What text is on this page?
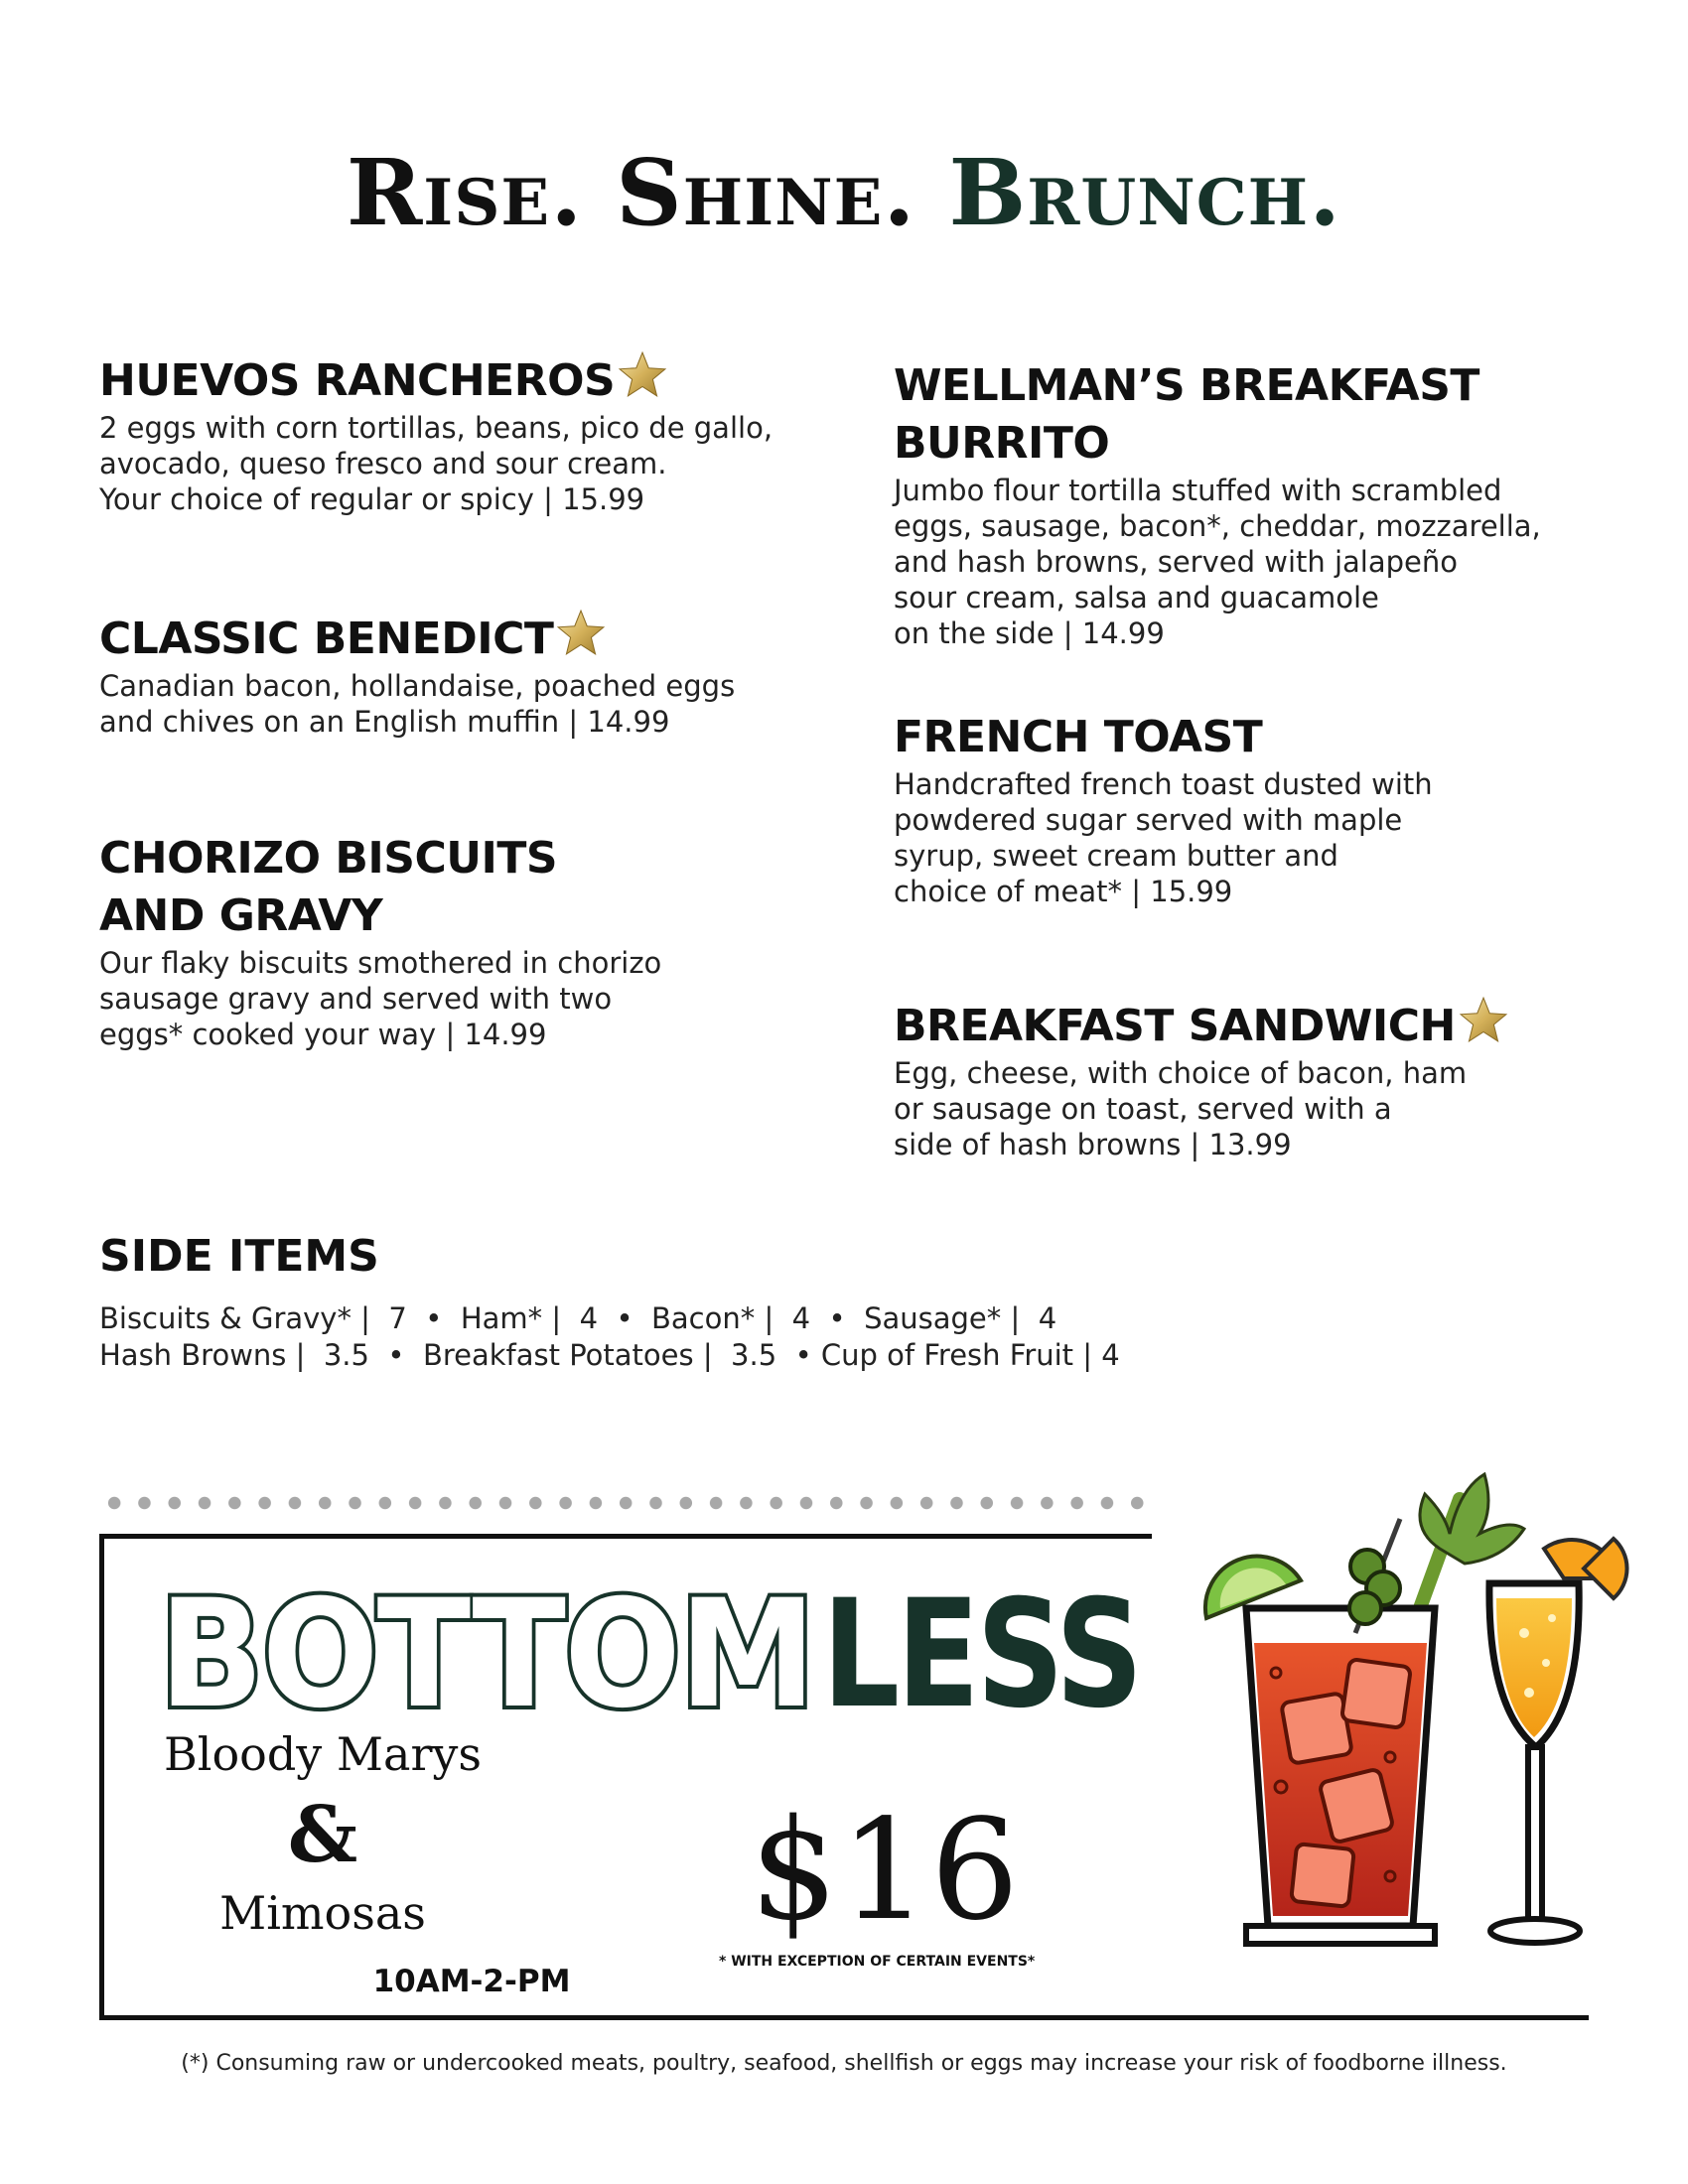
Rise. Shine. Brunch.
HUEVOS RANCHEROS

2 eggs with corn tortillas, beans, pico de gallo,
avocado, queso fresco and sour cream.
Your choice of regular or spicy | 15.99

CLASSIC BENEDICT

Canadian bacon, hollandaise, poached eggs
and chives on an English muffin | 14.99

CHORIZO BISCUITS
AND GRAVY

Our flaky biscuits smothered in chorizo
sausage gravy and served with two
eggs* cooked your way | 14.99

WELLMAN’S BREAKFAST
BURRITO

Jumbo flour tortilla stuffed with scrambled
eggs, sausage, bacon*, cheddar, mozzarella,
and hash browns, served with jalapeño
sour cream, salsa and guacamole
on the side | 14.99

FRENCH TOAST

Handcrafted french toast dusted with
powdered sugar served with maple
syrup, sweet cream butter and
choice of meat* | 15.99

BREAKFAST SANDWICH

Egg, cheese, with choice of bacon, ham
or sausage on toast, served with a
side of hash browns | 13.99

SIDE ITEMS
Biscuits & Gravy* |  7  •  Ham* |  4  •  Bacon* |  4  •  Sausage* |  4
Hash Browns |  3.5  •  Breakfast Potatoes |  3.5  • Cup of Fresh Fruit | 4
BOTTOM LESS
Bloody Marys
&
Mimosas
10AM-2-PM
$16
* WITH EXCEPTION OF CERTAIN EVENTS*
(*) Consuming raw or undercooked meats, poultry, seafood, shellfish or eggs may increase your risk of foodborne illness.
